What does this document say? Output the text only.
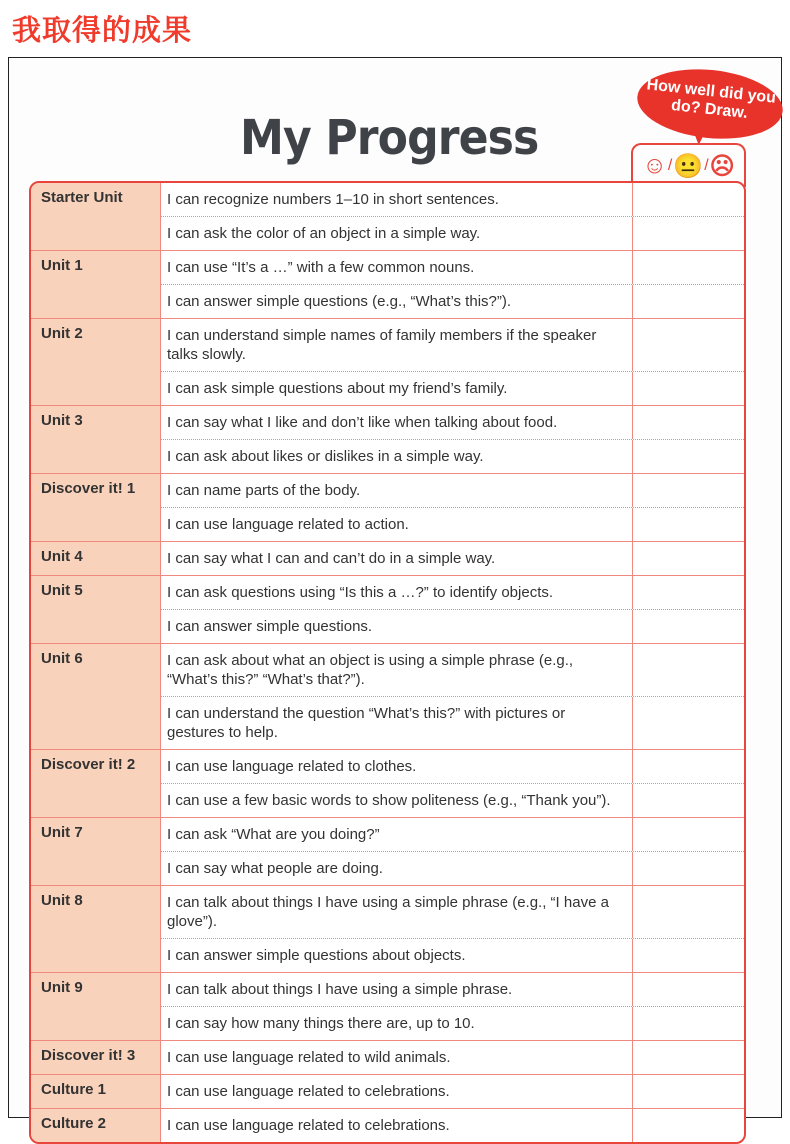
我取得的成果
My Progress
How well did you do? Draw.
☺ / 😐 / ☹
Starter Unit	I can recognize numbers 1–10 in short sentences.
I can ask the color of an object in a simple way.
Unit 1	I can use “It’s a …” with a few common nouns.
I can answer simple questions (e.g., “What’s this?”).
Unit 2	I can understand simple names of family members if the speaker talks slowly.
I can ask simple questions about my friend’s family.
Unit 3	I can say what I like and don’t like when talking about food.
I can ask about likes or dislikes in a simple way.
Discover it! 1	I can name parts of the body.
I can use language related to action.
Unit 4	I can say what I can and can’t do in a simple way.
Unit 5	I can ask questions using “Is this a …?” to identify objects.
I can answer simple questions.
Unit 6	I can ask about what an object is using a simple phrase (e.g., “What’s this?” “What’s that?”).
I can understand the question “What’s this?” with pictures or gestures to help.
Discover it! 2	I can use language related to clothes.
I can use a few basic words to show politeness (e.g., “Thank you”).
Unit 7	I can ask “What are you doing?”
I can say what people are doing.
Unit 8	I can talk about things I have using a simple phrase (e.g., “I have a glove”).
I can answer simple questions about objects.
Unit 9	I can talk about things I have using a simple phrase.
I can say how many things there are, up to 10.
Discover it! 3	I can use language related to wild animals.
Culture 1	I can use language related to celebrations.
Culture 2	I can use language related to celebrations.
